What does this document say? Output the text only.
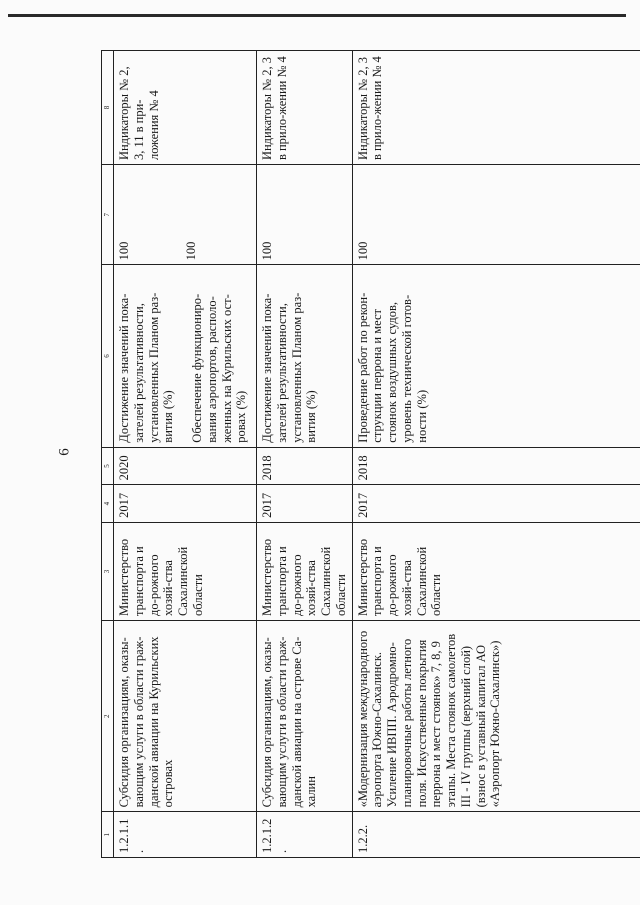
6
1	2	3	4	5	6	7	8
1.2.1.1.	Субсидия организациям, оказы-вающим услуги в области граж-данской авиации на Курильских островах	Министерство транспорта и до-рожного хозяй-ства Сахалинской области	2017	2020	Достижение значений пока-зателей результативности, установленных Планом раз-вития (%) Обеспечение функциониро-вания аэропортов, располо-женных на Курильских ост-ровах (%)	100 100	Индикаторы № 2, 3, 11 в при-ложения № 4
1.2.1.2.	Субсидия организациям, оказы-вающим услуги в области граж-данской авиации на острове Са-халин	Министерство транспорта и до-рожного хозяй-ства Сахалинской области	2017	2018	Достижение значений пока-зателей результативности, установленных Планом раз-вития (%)	100	Индикаторы № 2, 3 в прило-жении № 4
1.2.2.	«Модернизация международного аэропорта Южно-Сахалинск. Усиление ИВПП. Аэродромно-планировочные работы летного поля. Искусственные покрытия перрона и мест стоянок» 7, 8, 9 этапы. Места стоянок самолетов III - IV группы (верхний слой) (взнос в уставный капитал АО «Аэропорт Южно-Сахалинск»)	Министерство транспорта и до-рожного хозяй-ства Сахалинской области	2017	2018	Проведение работ по рекон-струкции перрона и мест стоянок воздушных судов, уровень технической готов-ности (%)	100	Индикаторы № 2, 3 в прило-жении № 4
